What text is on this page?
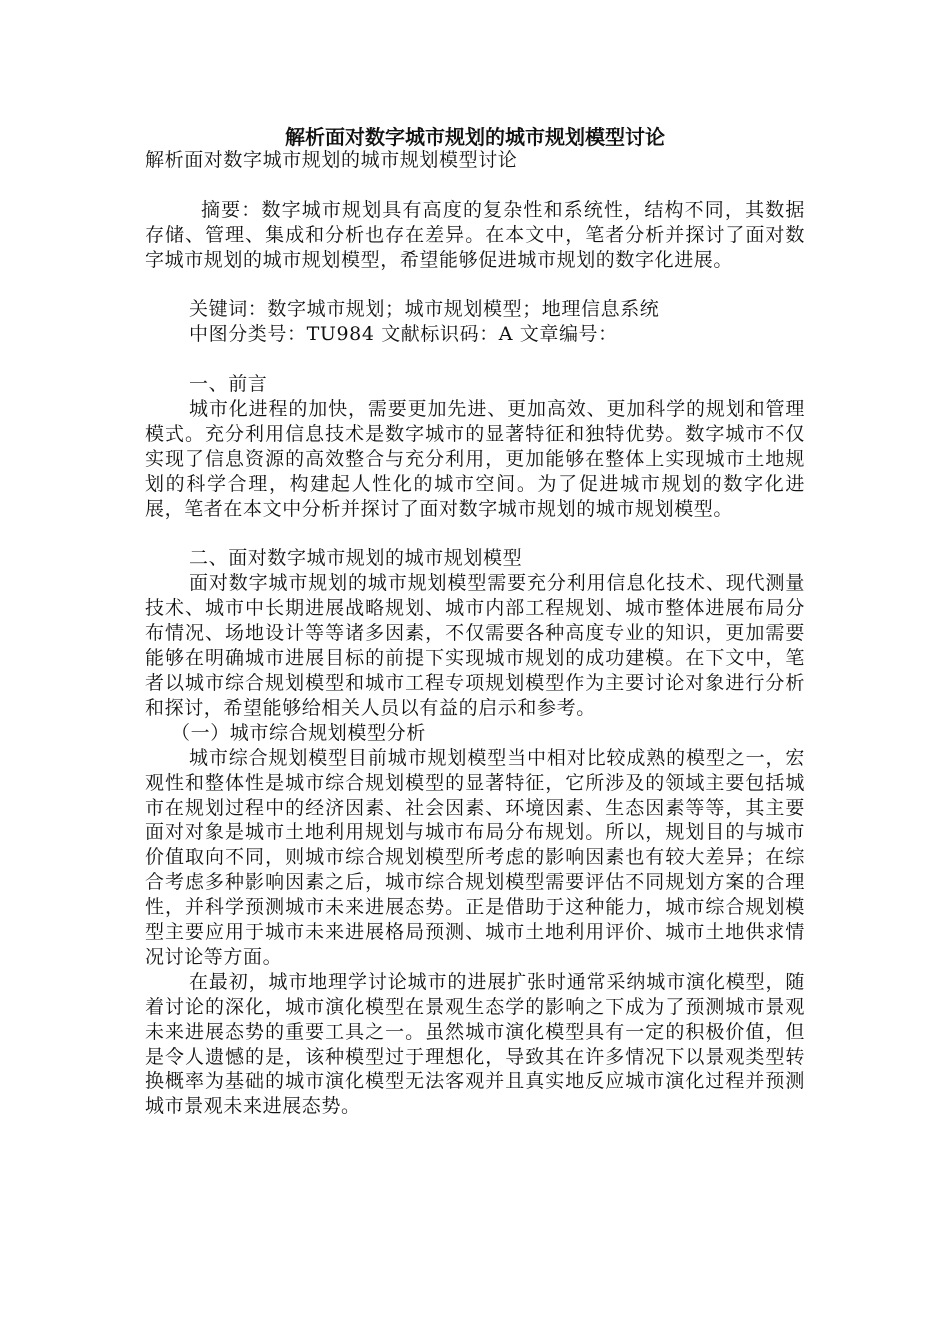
解析面对数字城市规划的城市规划模型讨论

解析面对数字城市规划的城市规划模型讨论

摘要：数字城市规划具有高度的复杂性和系统性，结构不同，其数据存储、管理、集成和分析也存在差异。在本文中，笔者分析并探讨了面对数字城市规划的城市规划模型，希望能够促进城市规划的数字化进展。

关键词：数字城市规划；城市规划模型；地理信息系统

中图分类号：TU984 文献标识码：A 文章编号：

一、前言

城市化进程的加快，需要更加先进、更加高效、更加科学的规划和管理模式。充分利用信息技术是数字城市的显著特征和独特优势。数字城市不仅实现了信息资源的高效整合与充分利用，更加能够在整体上实现城市土地规划的科学合理，构建起人性化的城市空间。为了促进城市规划的数字化进展，笔者在本文中分析并探讨了面对数字城市规划的城市规划模型。

二、面对数字城市规划的城市规划模型

面对数字城市规划的城市规划模型需要充分利用信息化技术、现代测量技术、城市中长期进展战略规划、城市内部工程规划、城市整体进展布局分布情况、场地设计等等诸多因素，不仅需要各种高度专业的知识，更加需要能够在明确城市进展目标的前提下实现城市规划的成功建模。在下文中，笔者以城市综合规划模型和城市工程专项规划模型作为主要讨论对象进行分析和探讨，希望能够给相关人员以有益的启示和参考。

（一）城市综合规划模型分析

城市综合规划模型目前城市规划模型当中相对比较成熟的模型之一，宏观性和整体性是城市综合规划模型的显著特征，它所涉及的领域主要包括城市在规划过程中的经济因素、社会因素、环境因素、生态因素等等，其主要面对对象是城市土地利用规划与城市布局分布规划。所以，规划目的与城市价值取向不同，则城市综合规划模型所考虑的影响因素也有较大差异；在综合考虑多种影响因素之后，城市综合规划模型需要评估不同规划方案的合理性，并科学预测城市未来进展态势。正是借助于这种能力，城市综合规划模型主要应用于城市未来进展格局预测、城市土地利用评价、城市土地供求情况讨论等方面。

在最初，城市地理学讨论城市的进展扩张时通常采纳城市演化模型，随着讨论的深化，城市演化模型在景观生态学的影响之下成为了预测城市景观未来进展态势的重要工具之一。虽然城市演化模型具有一定的积极价值，但是令人遗憾的是，该种模型过于理想化，导致其在许多情况下以景观类型转换概率为基础的城市演化模型无法客观并且真实地反应城市演化过程并预测城市景观未来进展态势。
